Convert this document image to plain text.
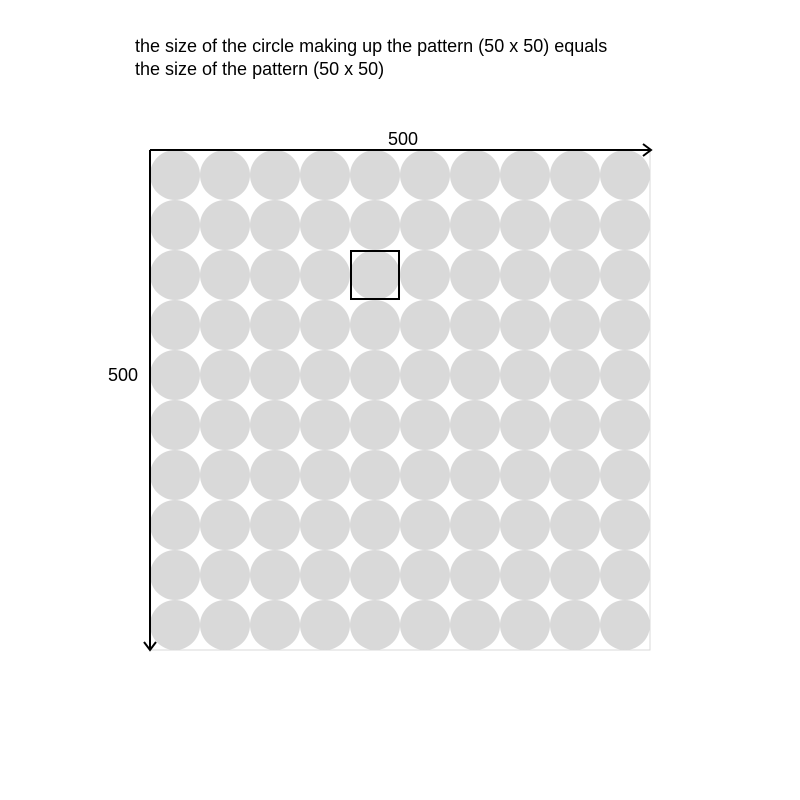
the size of the circle making up the pattern (50 x 50) equals
the size of the pattern (50 x 50)
500
500
